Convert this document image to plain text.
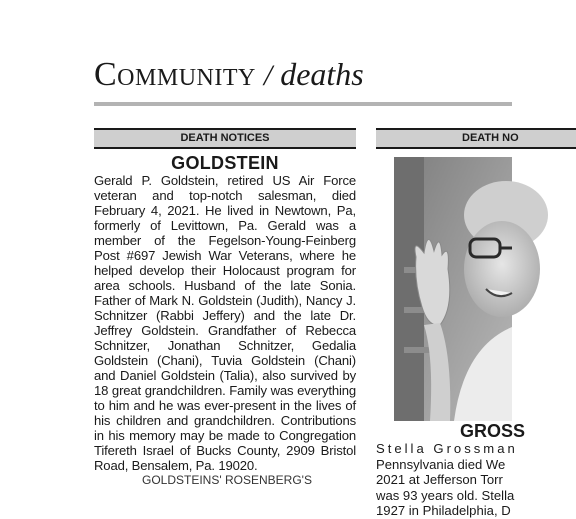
Community / deaths
DEATH NOTICES
GOLDSTEIN
Gerald P. Goldstein, retired US Air Force veteran and top-notch salesman, died February 4, 2021. He lived in Newtown, Pa, formerly of Levittown, Pa. Gerald was a member of the Fegelson-Young-Feinberg Post #697 Jewish War Veterans, where he helped develop their Holocaust program for area schools. Husband of the late Sonia. Father of Mark N. Goldstein (Judith), Nancy J. Schnitzer (Rabbi Jeffery) and the late Dr. Jeffrey Goldstein. Grandfather of Rebecca Schnitzer, Jonathan Schnitzer, Gedalia Goldstein (Chani), Tuvia Goldstein (Chani) and Daniel Goldstein (Talia), also survived by 18 great grandchildren. Family was everything to him and he was ever-present in the lives of his children and grandchildren. Contributions in his memory may be made to Congregation Tifereth Israel of Bucks County, 2909 Bristol Road, Bensalem, Pa. 19020.
GOLDSTEINS' ROSENBERG'S
DEATH NO
GROSS
Stella Grossman
Pennsylvania died We
2021 at Jefferson Torr
was 93 years old. Stella
1927 in Philadelphia, D
